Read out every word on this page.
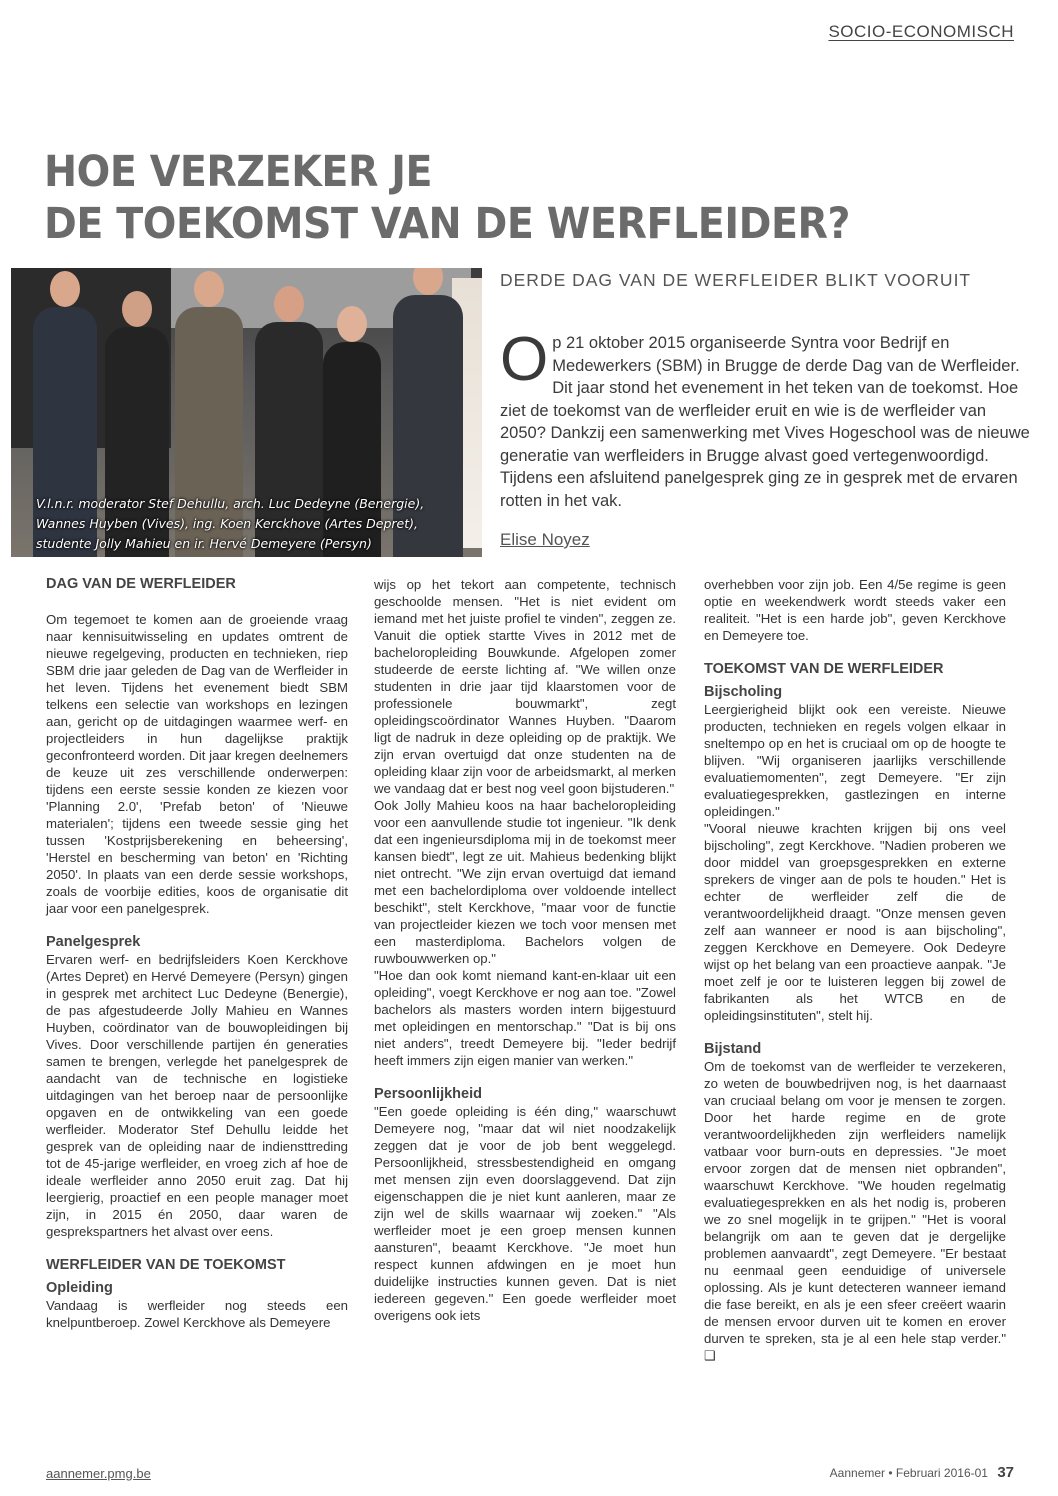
SOCIO-ECONOMISCH
HOE VERZEKER JE
DE TOEKOMST VAN DE WERFLEIDER?
V.l.n.r. moderator Stef Dehullu, arch. Luc Dedeyne (Benergie), Wannes Huyben (Vives), ing. Koen Kerckhove (Artes Depret), studente Jolly Mahieu en ir. Hervé Demeyere (Persyn)
DERDE DAG VAN DE WERFLEIDER BLIKT VOORUIT
O p 21 oktober 2015 organiseerde Syntra voor Bedrijf en Medewerkers (SBM) in Brugge de derde Dag van de Werfleider. Dit jaar stond het evenement in het teken van de toekomst. Hoe ziet de toekomst van de werfleider eruit en wie is de werfleider van 2050? Dankzij een samenwerking met Vives Hogeschool was de nieuwe generatie van werfleiders in Brugge alvast goed vertegenwoordigd. Tijdens een afsluitend panelgesprek ging ze in gesprek met de ervaren rotten in het vak.
Elise Noyez
DAG VAN DE WERFLEIDER

Om tegemoet te komen aan de groeiende vraag naar kennisuitwisseling en updates omtrent de nieuwe regelgeving, producten en technieken, riep SBM drie jaar geleden de Dag van de Werfleider in het leven. Tijdens het evenement biedt SBM telkens een selectie van workshops en lezingen aan, gericht op de uitdagingen waarmee werf- en projectleiders in hun dagelijkse praktijk geconfronteerd worden. Dit jaar kregen deelnemers de keuze uit zes verschillende onderwerpen: tijdens een eerste sessie konden ze kiezen voor 'Planning 2.0', 'Prefab beton' of 'Nieuwe materialen'; tijdens een tweede sessie ging het tussen 'Kostprijsberekening en beheersing', 'Herstel en bescherming van beton' en 'Richting 2050'. In plaats van een derde sessie workshops, zoals de voorbije edities, koos de organisatie dit jaar voor een panelgesprek.

Panelgesprek

Ervaren werf- en bedrijfsleiders Koen Kerckhove (Artes Depret) en Hervé Demeyere (Persyn) gingen in gesprek met architect Luc Dedeyne (Benergie), de pas afgestudeerde Jolly Mahieu en Wannes Huyben, coördinator van de bouwopleidingen bij Vives. Door verschillende partijen én generaties samen te brengen, verlegde het panelgesprek de aandacht van de technische en logistieke uitdagingen van het beroep naar de persoonlijke opgaven en de ontwikkeling van een goede werfleider. Moderator Stef Dehullu leidde het gesprek van de opleiding naar de indiensttreding tot de 45-jarige werfleider, en vroeg zich af hoe de ideale werfleider anno 2050 eruit zag. Dat hij leergierig, proactief en een people manager moet zijn, in 2015 én 2050, daar waren de gesprekspartners het alvast over eens.

WERFLEIDER VAN DE TOEKOMST
Opleiding

Vandaag is werfleider nog steeds een knelpuntberoep. Zowel Kerckhove als Demeyere

wijs op het tekort aan competente, technisch geschoolde mensen. "Het is niet evident om iemand met het juiste profiel te vinden", zeggen ze. Vanuit die optiek startte Vives in 2012 met de bacheloropleiding Bouwkunde. Afgelopen zomer studeerde de eerste lichting af. "We willen onze studenten in drie jaar tijd klaarstomen voor de professionele bouwmarkt", zegt opleidingscoördinator Wannes Huyben. "Daarom ligt de nadruk in deze opleiding op de praktijk. We zijn ervan overtuigd dat onze studenten na de opleiding klaar zijn voor de arbeidsmarkt, al merken we vandaag dat er best nog veel goon bijstuderen."

Ook Jolly Mahieu koos na haar bacheloropleiding voor een aanvullende studie tot ingenieur. "Ik denk dat een ingenieursdiploma mij in de toekomst meer kansen biedt", legt ze uit. Mahieus bedenking blijkt niet ontrecht. "We zijn ervan overtuigd dat iemand met een bachelordiploma over voldoende intellect beschikt", stelt Kerckhove, "maar voor de functie van projectleider kiezen we toch voor mensen met een masterdiploma. Bachelors volgen de ruwbouwwerken op."

"Hoe dan ook komt niemand kant-en-klaar uit een opleiding", voegt Kerckhove er nog aan toe. "Zowel bachelors als masters worden intern bijgestuurd met opleidingen en mentorschap." "Dat is bij ons niet anders", treedt Demeyere bij. "Ieder bedrijf heeft immers zijn eigen manier van werken."

Persoonlijkheid

"Een goede opleiding is één ding," waarschuwt Demeyere nog, "maar dat wil niet noodzakelijk zeggen dat je voor de job bent weggelegd. Persoonlijkheid, stressbestendigheid en omgang met mensen zijn even doorslaggevend. Dat zijn eigenschappen die je niet kunt aanleren, maar ze zijn wel de skills waarnaar wij zoeken." "Als werfleider moet je een groep mensen kunnen aansturen", beaamt Kerckhove. "Je moet hun respect kunnen afdwingen en je moet hun duidelijke instructies kunnen geven. Dat is niet iedereen gegeven." Een goede werfleider moet overigens ook iets

overhebben voor zijn job. Een 4/5e regime is geen optie en weekendwerk wordt steeds vaker een realiteit. "Het is een harde job", geven Kerckhove en Demeyere toe.

TOEKOMST VAN DE WERFLEIDER
Bijscholing

Leergierigheid blijkt ook een vereiste. Nieuwe producten, technieken en regels volgen elkaar in sneltempo op en het is cruciaal om op de hoogte te blijven. "Wij organiseren jaarlijks verschillende evaluatiemomenten", zegt Demeyere. "Er zijn evaluatiegesprekken, gastlezingen en interne opleidingen."

"Vooral nieuwe krachten krijgen bij ons veel bijscholing", zegt Kerckhove. "Nadien proberen we door middel van groepsgesprekken en externe sprekers de vinger aan de pols te houden." Het is echter de werfleider zelf die de verantwoordelijkheid draagt. "Onze mensen geven zelf aan wanneer er nood is aan bijscholing", zeggen Kerckhove en Demeyere. Ook Dedeyre wijst op het belang van een proactieve aanpak. "Je moet zelf je oor te luisteren leggen bij zowel de fabrikanten als het WTCB en de opleidingsinstituten", stelt hij.

Bijstand

Om de toekomst van de werfleider te verzekeren, zo weten de bouwbedrijven nog, is het daarnaast van cruciaal belang om voor je mensen te zorgen. Door het harde regime en de grote verantwoordelijkheden zijn werfleiders namelijk vatbaar voor burn-outs en depressies. "Je moet ervoor zorgen dat de mensen niet opbranden", waarschuwt Kerckhove. "We houden regelmatig evaluatiegesprekken en als het nodig is, proberen we zo snel mogelijk in te grijpen." "Het is vooral belangrijk om aan te geven dat je dergelijke problemen aanvaardt", zegt Demeyere. "Er bestaat nu eenmaal geen eenduidige of universele oplossing. Als je kunt detecteren wanneer iemand die fase bereikt, en als je een sfeer creëert waarin de mensen ervoor durven uit te komen en erover durven te spreken, sta je al een hele stap verder." ❑

aannemer.pmg.be	Aannemer • Februari 2016-01 37
